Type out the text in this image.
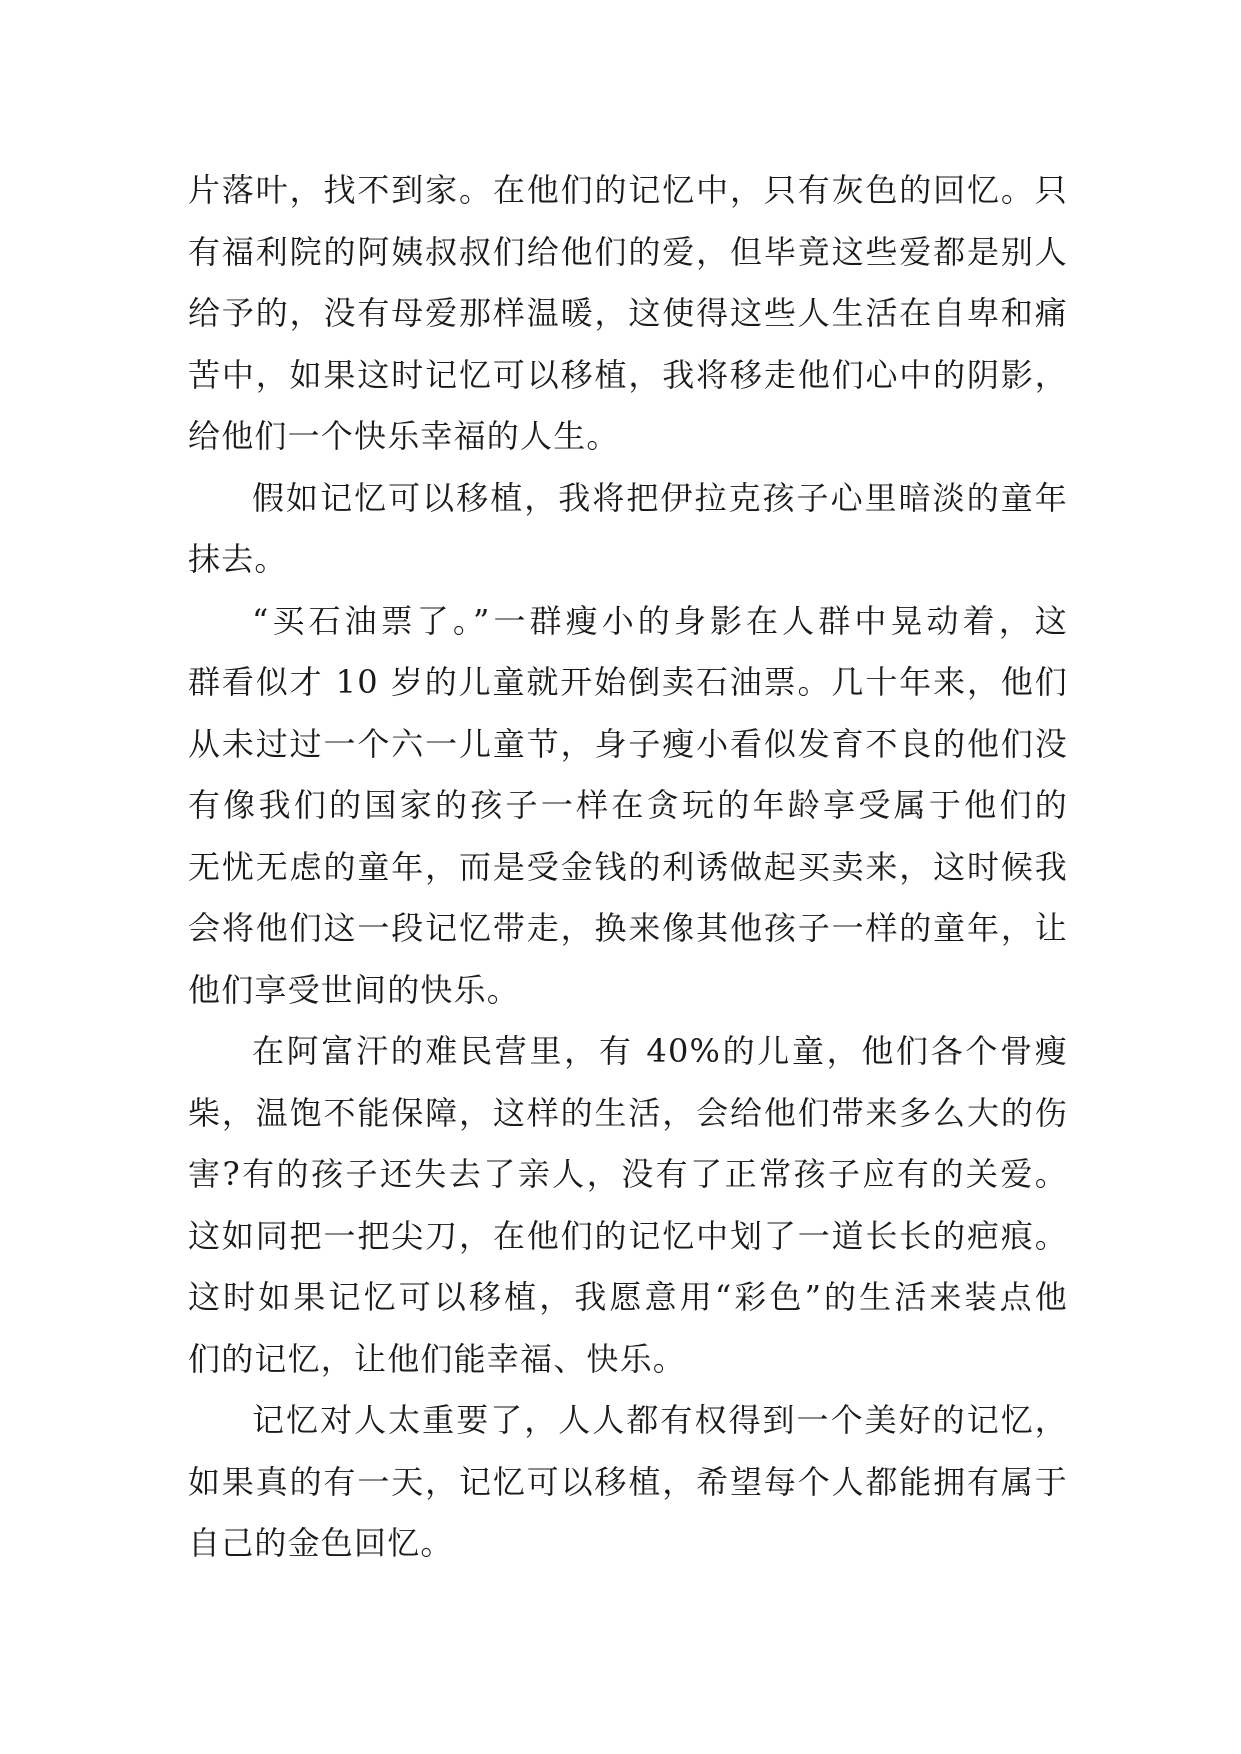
片落叶，找不到家。在他们的记忆中，只有灰色的回忆。只
有福利院的阿姨叔叔们给他们的爱，但毕竟这些爱都是别人
给予的，没有母爱那样温暖，这使得这些人生活在自卑和痛
苦中，如果这时记忆可以移植，我将移走他们心中的阴影，
给他们一个快乐幸福的人生。
假如记忆可以移植，我将把伊拉克孩子心里暗淡的童年
抹去。
“买石油票了。”一群瘦小的身影在人群中晃动着，这
群看似才 10 岁的儿童就开始倒卖石油票。几十年来，他们
从未过过一个六一儿童节，身子瘦小看似发育不良的他们没
有像我们的国家的孩子一样在贪玩的年龄享受属于他们的
无忧无虑的童年，而是受金钱的利诱做起买卖来，这时候我
会将他们这一段记忆带走，换来像其他孩子一样的童年，让
他们享受世间的快乐。
在阿富汗的难民营里，有 40%的儿童，他们各个骨瘦
柴，温饱不能保障，这样的生活，会给他们带来多么大的伤
害?有的孩子还失去了亲人，没有了正常孩子应有的关爱。
这如同把一把尖刀，在他们的记忆中划了一道长长的疤痕。
这时如果记忆可以移植，我愿意用“彩色”的生活来装点他
们的记忆，让他们能幸福、快乐。
记忆对人太重要了，人人都有权得到一个美好的记忆，
如果真的有一天，记忆可以移植，希望每个人都能拥有属于
自己的金色回忆。
